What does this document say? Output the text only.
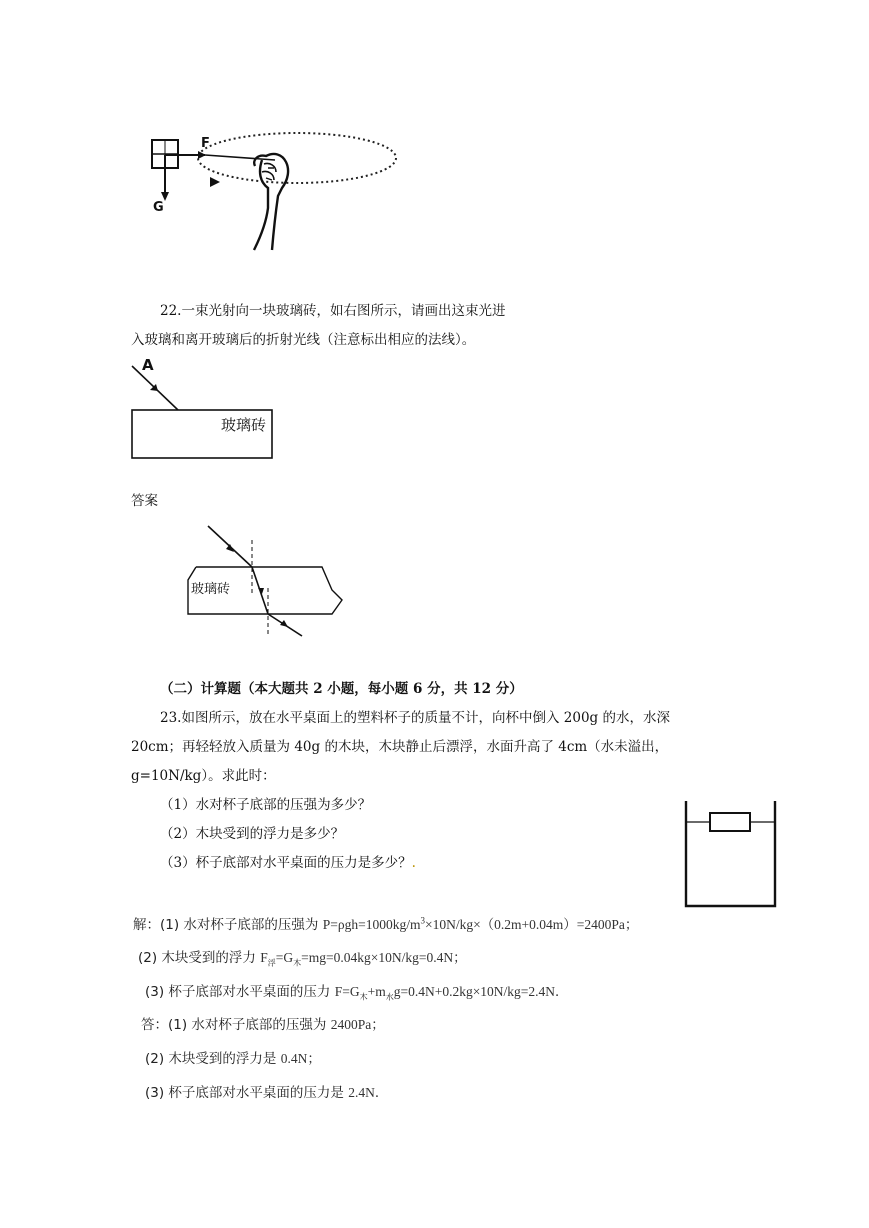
F
G
22.一束光射向一块玻璃砖，如右图所示，请画出这束光进
入玻璃和离开玻璃后的折射光线（注意标出相应的法线）。
A
玻璃砖
答案
玻璃砖
（二）计算题（本大题共 2 小题，每小题 6 分，共 12 分）
23.如图所示，放在水平桌面上的塑料杯子的质量不计，向杯中倒入 200g 的水，水深
20cm；再轻轻放入质量为 40g 的木块，木块静止后漂浮，水面升高了 4cm（水未溢出，
g=10N/kg）。求此时：
（1）水对杯子底部的压强为多少？
（2）木块受到的浮力是多少？
（3）杯子底部对水平桌面的压力是多少？.
解：(1) 水对杯子底部的压强为 $P=\rho gh=1000kg/m^3\times 10N/kg\times(0.2m+0.04m)=2400Pa$；
(2) 木块受到的浮力 $F_浮=G_木=mg=0.04kg\times 10N/kg=0.4N$；
(3) 杯子底部对水平桌面的压力 $F=G_木+m_水g=0.4N+0.2kg\times 10N/kg=2.4N$．
答：(1) 水对杯子底部的压强为 2400Pa；
(2) 木块受到的浮力是 0.4N；
(3) 杯子底部对水平桌面的压力是 2.4N．
